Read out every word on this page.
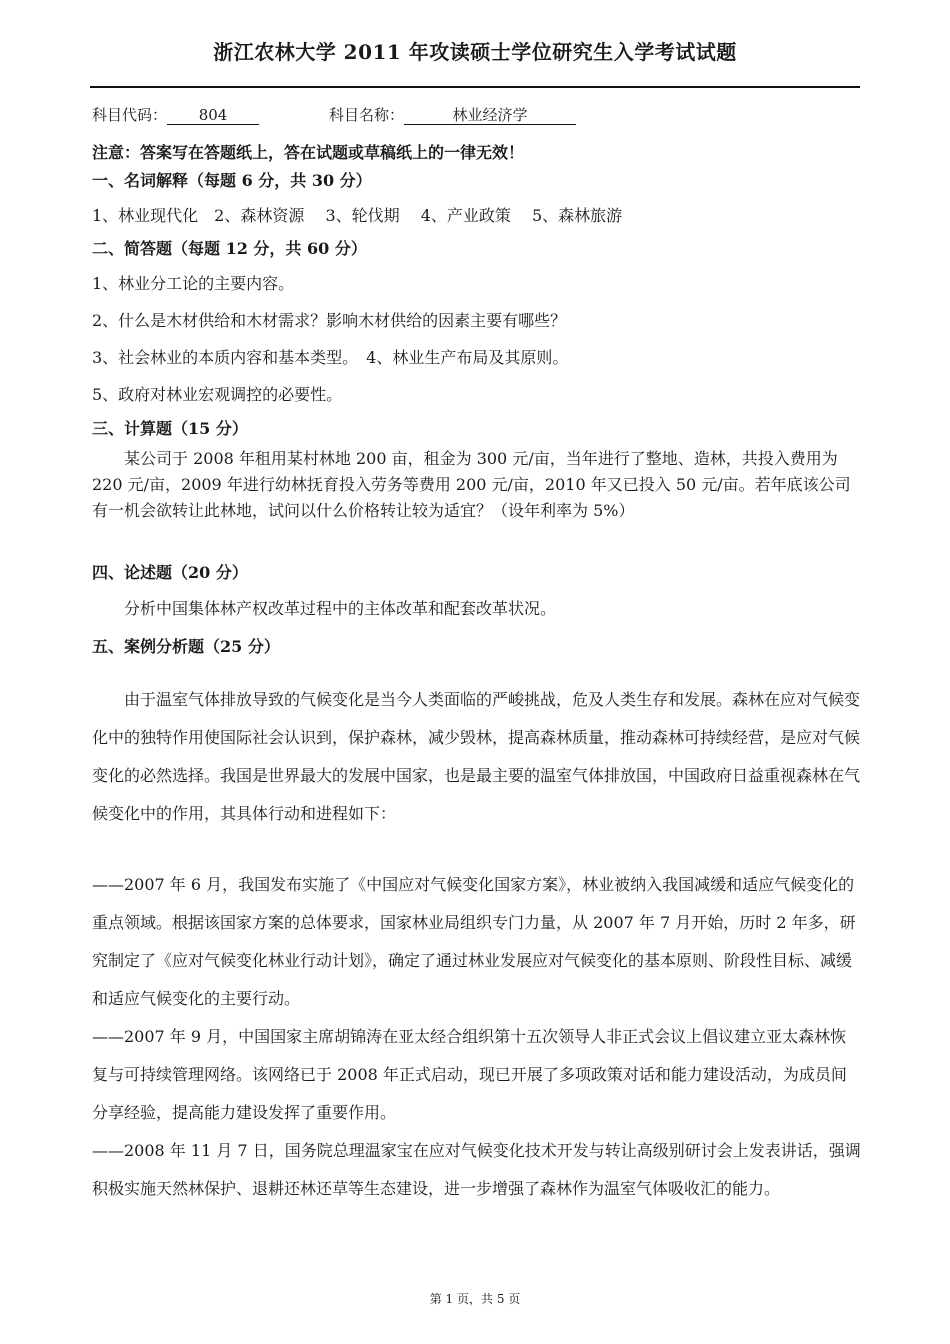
浙江农林大学 2011 年攻读硕士学位研究生入学考试试题
科目代码： 804	科目名称：	林业经济学
注意：答案写在答题纸上，答在试题或草稿纸上的一律无效！
一、名词解释（每题 6 分，共 30 分）
1、林业现代化　2、森林资源　 3、轮伐期　 4、产业政策　 5、森林旅游
二、简答题（每题 12 分，共 60 分）
1、林业分工论的主要内容。
2、什么是木材供给和木材需求？影响木材供给的因素主要有哪些？
3、社会林业的本质内容和基本类型。　4、林业生产布局及其原则。
5、政府对林业宏观调控的必要性。
三、计算题（15 分）
某公司于 2008 年租用某村林地 200 亩，租金为 300 元/亩，当年进行了整地、造林，共投入费用为 220 元/亩，2009 年进行幼林抚育投入劳务等费用 200 元/亩，2010 年又已投入 50 元/亩。若年底该公司有一机会欲转让此林地，试问以什么价格转让较为适宜？（设年利率为 5%）
四、论述题（20 分）
分析中国集体林产权改革过程中的主体改革和配套改革状况。
五、案例分析题（25 分）
由于温室气体排放导致的气候变化是当今人类面临的严峻挑战，危及人类生存和发展。森林在应对气候变化中的独特作用使国际社会认识到，保护森林，减少毁林，提高森林质量，推动森林可持续经营，是应对气候变化的必然选择。我国是世界最大的发展中国家，也是最主要的温室气体排放国，中国政府日益重视森林在气候变化中的作用，其具体行动和进程如下：
——2007 年 6 月，我国发布实施了《中国应对气候变化国家方案》，林业被纳入我国减缓和适应气候变化的重点领域。根据该国家方案的总体要求，国家林业局组织专门力量，从 2007 年 7 月开始，历时 2 年多，研究制定了《应对气候变化林业行动计划》，确定了通过林业发展应对气候变化的基本原则、阶段性目标、减缓和适应气候变化的主要行动。
——2007 年 9 月，中国国家主席胡锦涛在亚太经合组织第十五次领导人非正式会议上倡议建立亚太森林恢复与可持续管理网络。该网络已于 2008 年正式启动，现已开展了多项政策对话和能力建设活动，为成员间分享经验，提高能力建设发挥了重要作用。
——2008 年 11 月 7 日，国务院总理温家宝在应对气候变化技术开发与转让高级别研讨会上发表讲话，强调积极实施天然林保护、退耕还林还草等生态建设，进一步增强了森林作为温室气体吸收汇的能力。
第 1 页，共 5 页
